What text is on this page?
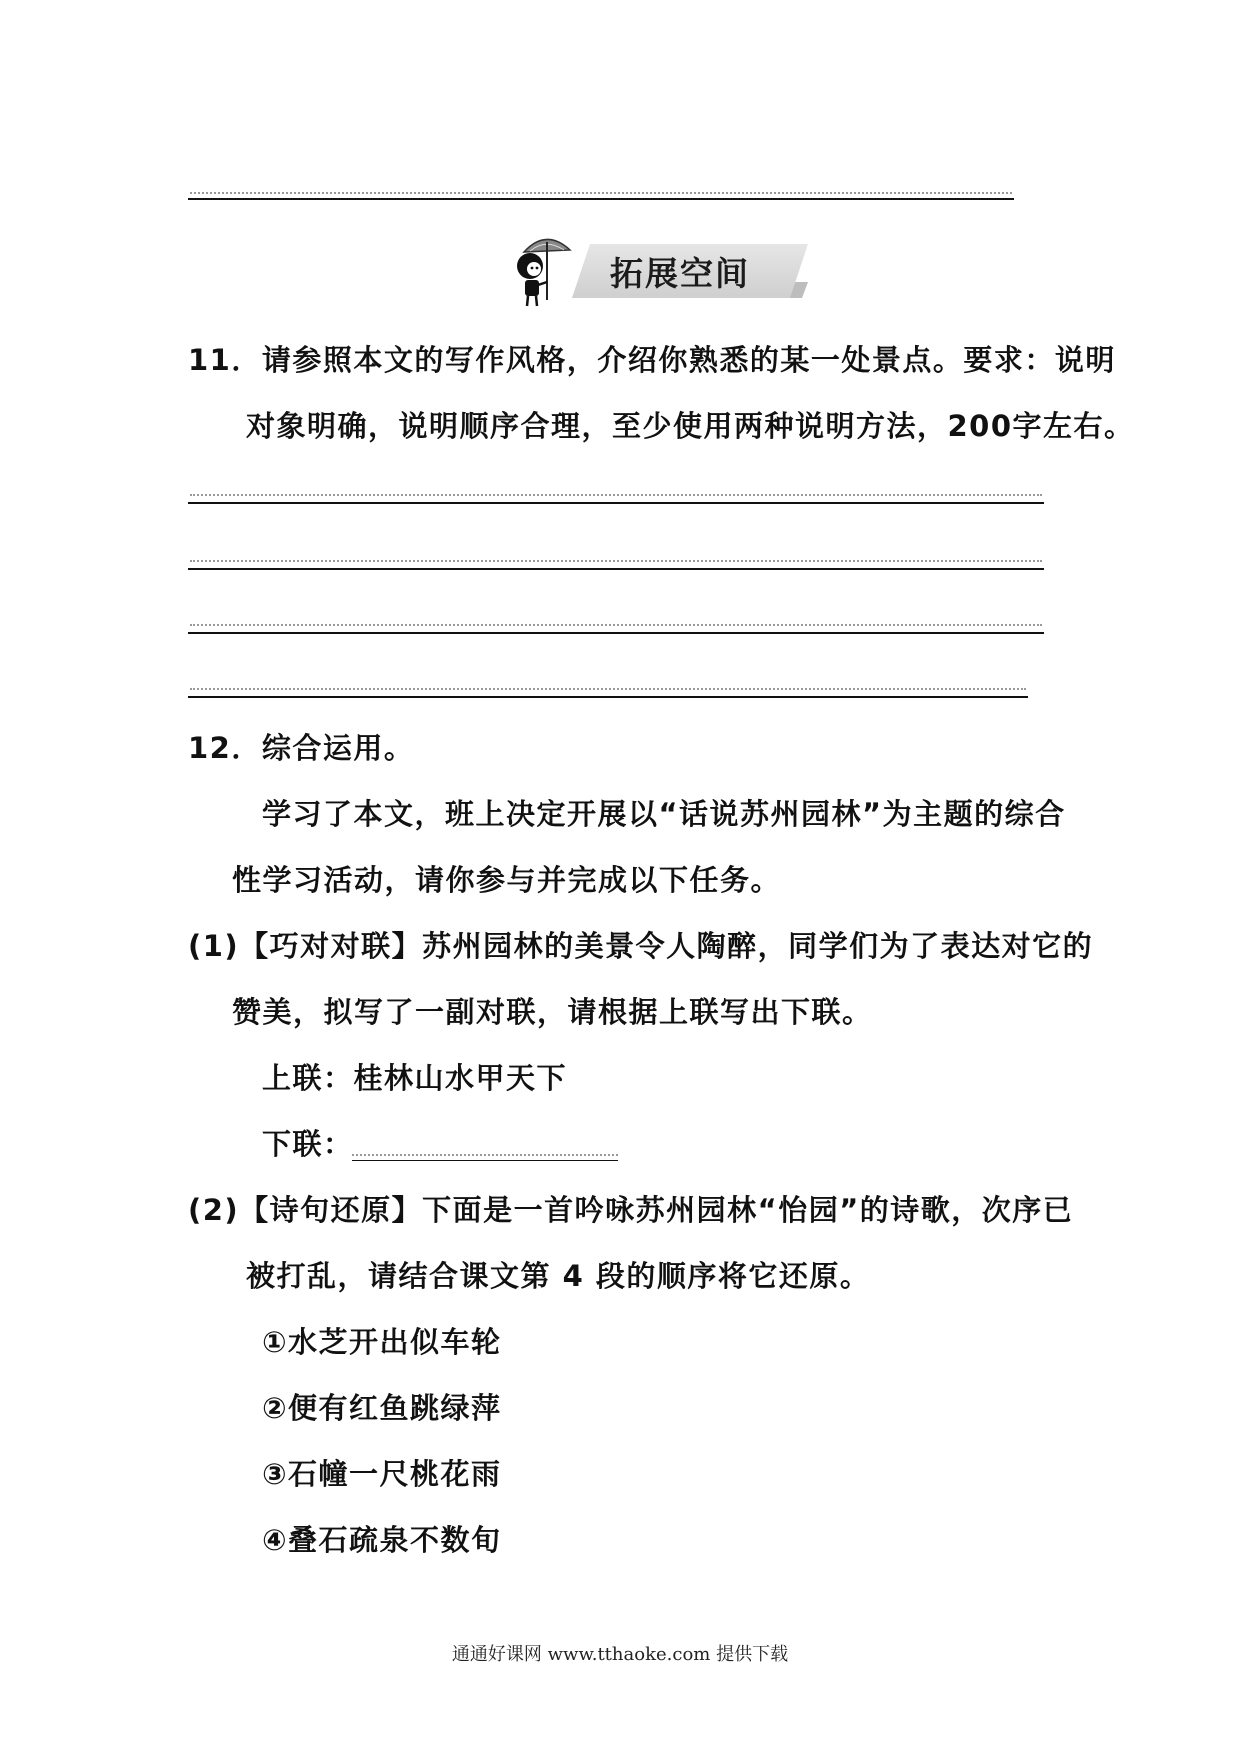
拓展空间
11．请参照本文的写作风格，介绍你熟悉的某一处景点。要求：说明
对象明确，说明顺序合理，至少使用两种说明方法，200字左右。
12．综合运用。
学习了本文，班上决定开展以“话说苏州园林”为主题的综合
性学习活动，请你参与并完成以下任务。
(1)【巧对对联】苏州园林的美景令人陶醉，同学们为了表达对它的
赞美，拟写了一副对联，请根据上联写出下联。
上联：桂林山水甲天下
下联：
(2)【诗句还原】下面是一首吟咏苏州园林“怡园”的诗歌，次序已
被打乱，请结合课文第 4 段的顺序将它还原。
①水芝开出似车轮
②便有红鱼跳绿萍
③石幢一尺桃花雨
④叠石疏泉不数旬
通通好课网 www.tthaoke.com 提供下载
